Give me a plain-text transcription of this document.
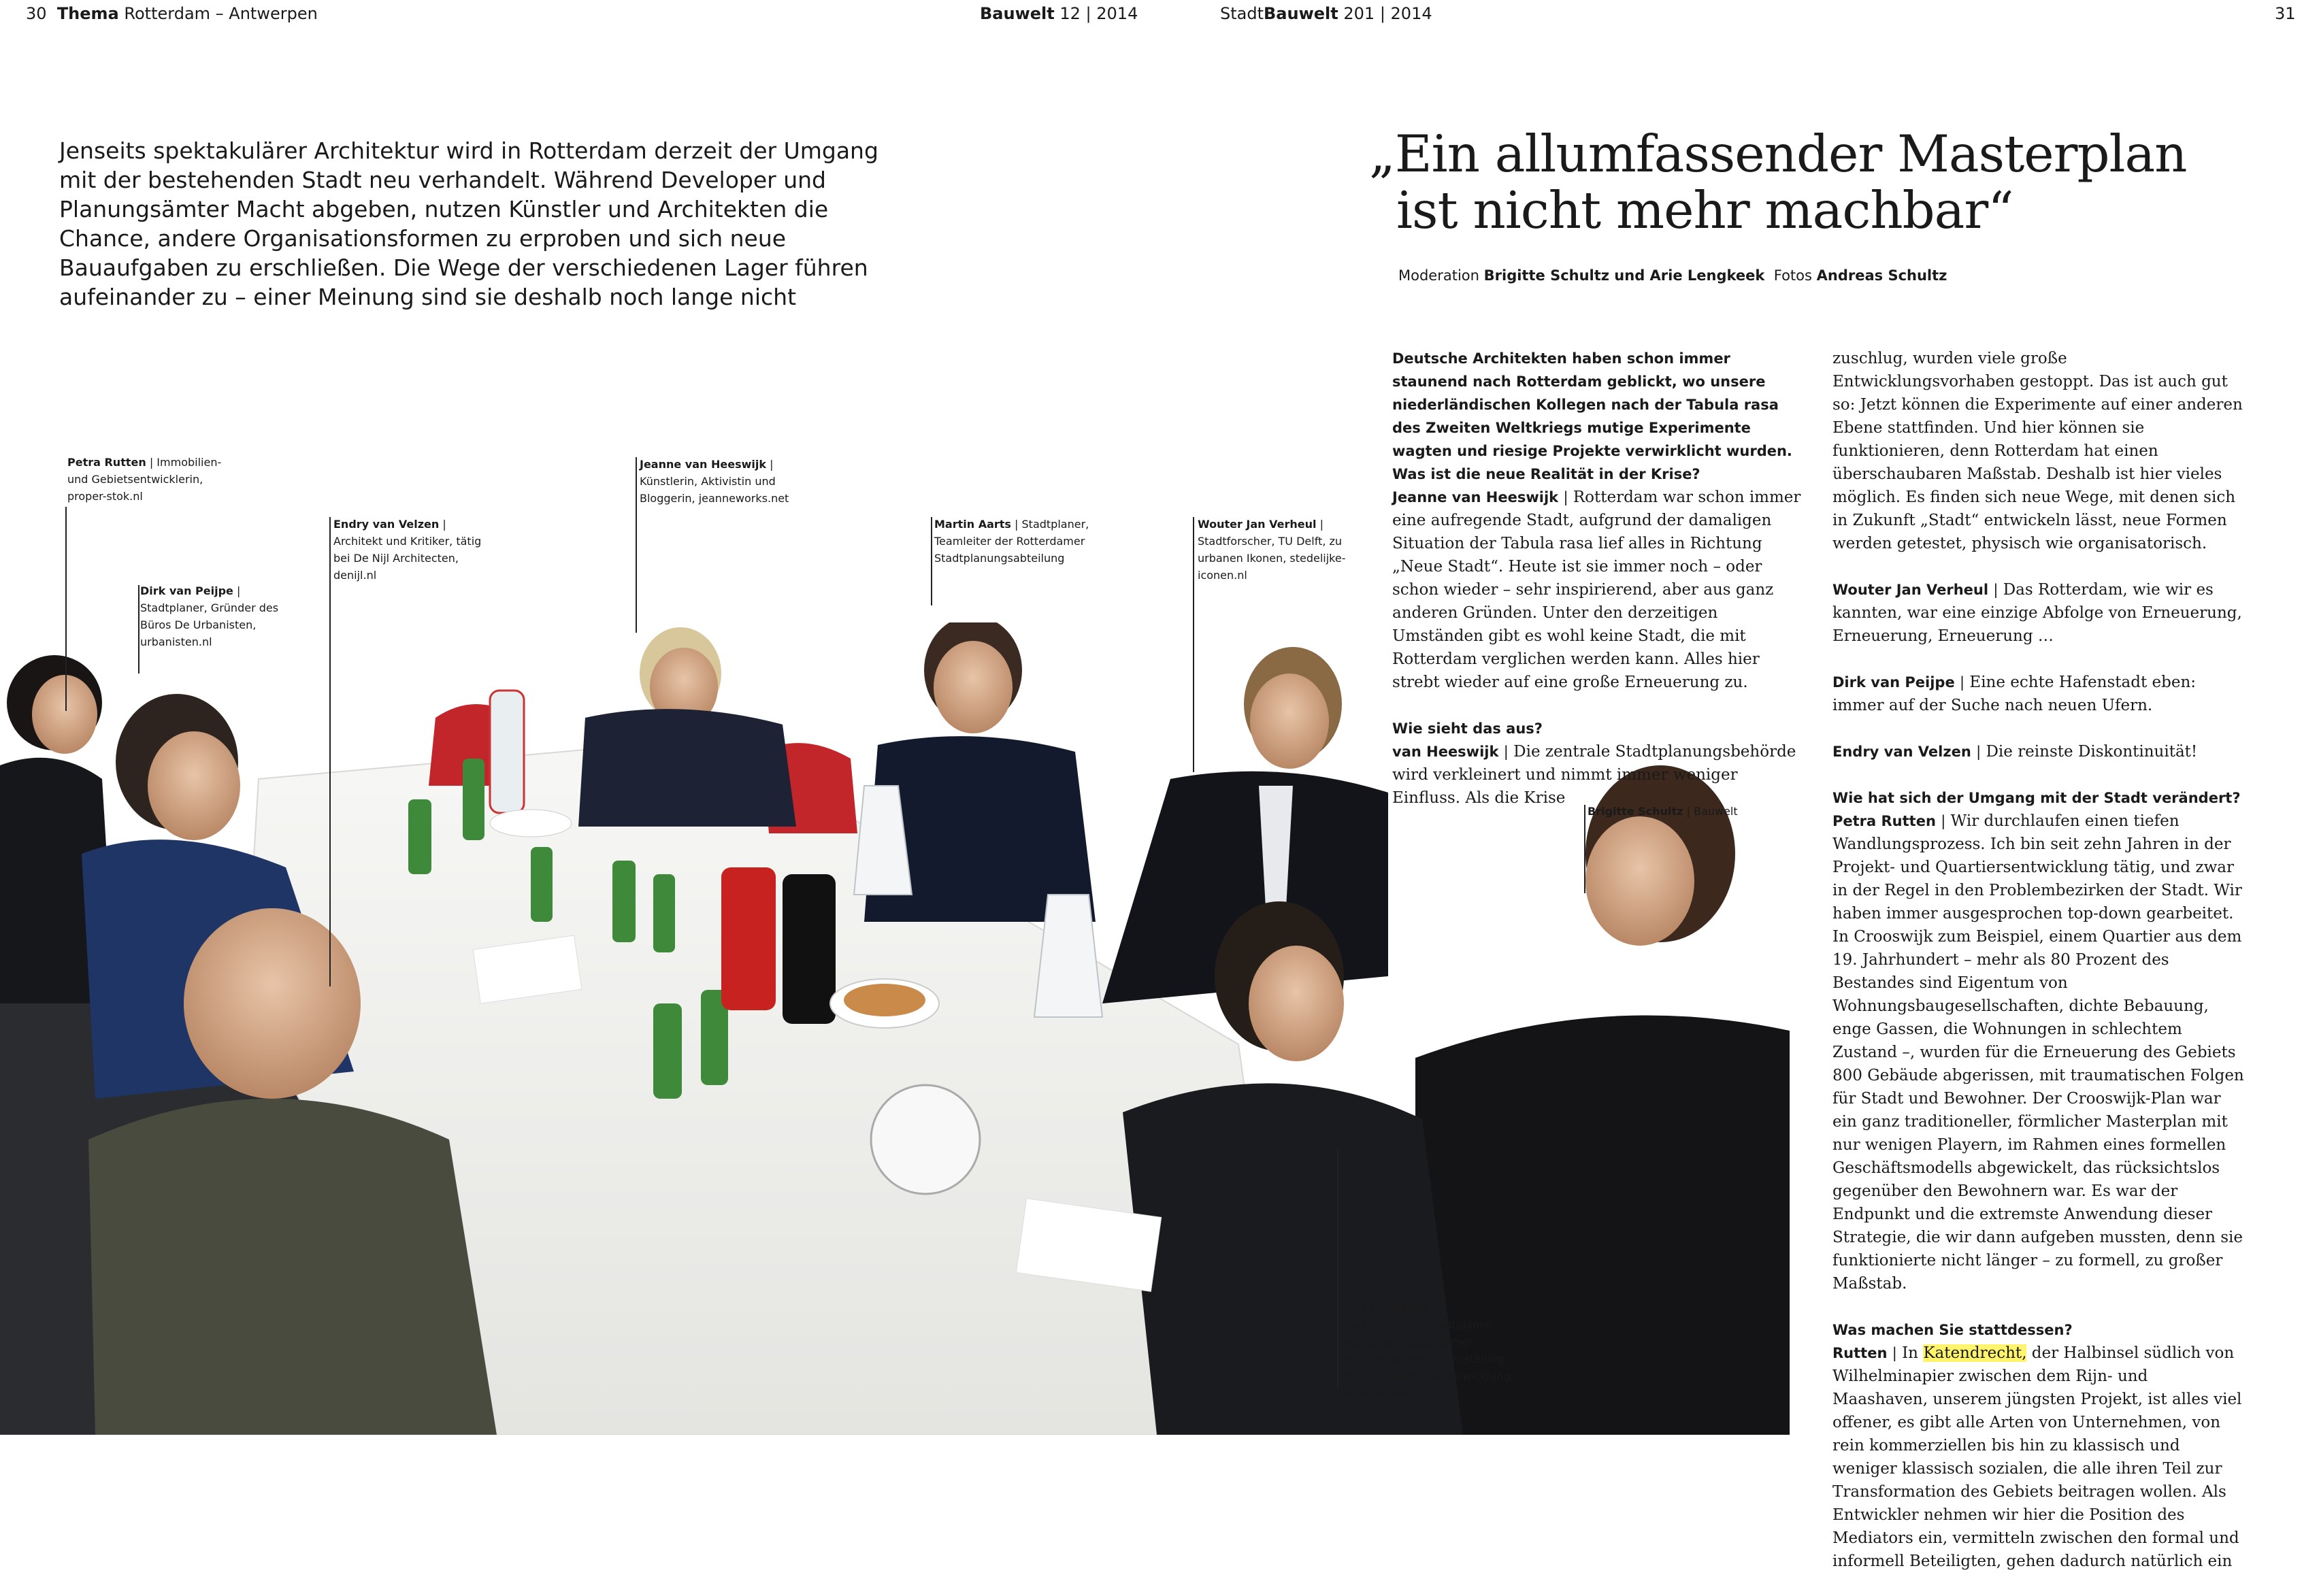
30 Thema Rotterdam – Antwerpen	Bauwelt 12 | 2014	StadtBauwelt 201 | 2014	31
Jenseits spektakulärer Architektur wird in Rotterdam derzeit der Umgang mit der bestehenden Stadt neu verhandelt. Während Developer und Planungsämter Macht abgeben, nutzen Künstler und Architekten die Chance, andere Organisationsformen zu erproben und sich neue Bauaufgaben zu erschließen. Die Wege der verschiedenen Lager führen aufeinander zu – einer Meinung sind sie deshalb noch lange nicht
„Ein allumfassender Masterplan
ist nicht mehr machbar“
Moderation Brigitte Schultz und Arie Lengkeek Fotos Andreas Schultz
Petra Rutten | Immobilien- und Gebietsentwicklerin, proper-stok.nl
Dirk van Peijpe | Stadtplaner, Gründer des Büros De Urbanisten, urbanisten.nl
Endry van Velzen | Architekt und Kritiker, tätig bei De Nijl Architecten, denijl.nl
Jeanne van Heeswijk | Künstlerin, Aktivistin und Bloggerin, jeanneworks.net
Martin Aarts | Stadtplaner, Teamleiter der Rotterdamer Stadtplanungsabteilung
Wouter Jan Verheul | Stadtforscher, TU Delft, zu urbanen Ikonen, stedelijke-iconen.nl
Brigitte Schultz | Bauwelt
Arie Lengkeek | Gastredakteur, Stadtplaner, derzeit am Rotterdamer Architekturzentrum zuständig für Forschung und Entwicklung, airfoundation.nl

Deutsche Architekten haben schon immer staunend nach Rotterdam geblickt, wo unsere niederländischen Kollegen nach der Tabula rasa des Zweiten Weltkriegs mutige Experimente wagten und riesige Projekte verwirklicht wurden. Was ist die neue Realität in der Krise?

Jeanne van Heeswijk | Rotterdam war schon immer eine aufregende Stadt, aufgrund der damaligen Situation der Tabula rasa lief alles in Richtung „Neue Stadt“. Heute ist sie immer noch – oder schon wieder – sehr inspirierend, aber aus ganz anderen Gründen. Unter den derzeitigen Umständen gibt es wohl keine Stadt, die mit Rotterdam verglichen werden kann. Alles hier strebt wieder auf eine große Erneuerung zu.

Wie sieht das aus?

van Heeswijk | Die zentrale Stadtplanungsbehörde wird verkleinert und nimmt immer weniger Einfluss. Als die Krise

zuschlug, wurden viele große Entwicklungsvorhaben gestoppt. Das ist auch gut so: Jetzt können die Experimente auf einer anderen Ebene stattfinden. Und hier können sie funktionieren, denn Rotterdam hat einen überschaubaren Maßstab. Deshalb ist hier vieles möglich. Es finden sich neue Wege, mit denen sich in Zukunft „Stadt“ entwickeln lässt, neue Formen werden getestet, physisch wie organisatorisch.

Wouter Jan Verheul | Das Rotterdam, wie wir es kannten, war eine einzige Abfolge von Erneuerung, Erneuerung, Erneuerung …

Dirk van Peijpe | Eine echte Hafenstadt eben: immer auf der Suche nach neuen Ufern.

Endry van Velzen | Die reinste Diskontinuität!

Wie hat sich der Umgang mit der Stadt verändert?

Petra Rutten | Wir durchlaufen einen tiefen Wandlungsprozess. Ich bin seit zehn Jahren in der Projekt- und Quartiersentwicklung tätig, und zwar in der Regel in den Problembezirken der Stadt. Wir haben immer ausgesprochen top-down gearbeitet. In Crooswijk zum Beispiel, einem Quartier aus dem 19. Jahrhundert – mehr als 80 Prozent des Bestandes sind Eigentum von Wohnungsbaugesellschaften, dichte Bebauung, enge Gassen, die Wohnungen in schlechtem Zustand –, wurden für die Erneuerung des Gebiets 800 Gebäude abgerissen, mit traumatischen Folgen für Stadt und Bewohner. Der Crooswijk-Plan war ein ganz traditioneller, förmlicher Masterplan mit nur wenigen Playern, im Rahmen eines formellen Geschäftsmodells abgewickelt, das rücksichtslos gegenüber den Bewohnern war. Es war der Endpunkt und die extremste Anwendung dieser Strategie, die wir dann aufgeben mussten, denn sie funktionierte nicht länger – zu formell, zu großer Maßstab.

Was machen Sie stattdessen?

Rutten | In Katendrecht, der Halbinsel südlich von Wilhelminapier zwischen dem Rijn- und Maashaven, unserem jüngsten Projekt, ist alles viel offener, es gibt alle Arten von Unternehmen, von rein kommerziellen bis hin zu klassisch und weniger klassisch sozialen, die alle ihren Teil zur Transformation des Gebiets beitragen wollen. Als Entwickler nehmen wir hier die Position des Mediators ein, vermitteln zwischen den formal und informell Beteiligten, gehen dadurch natürlich ein
